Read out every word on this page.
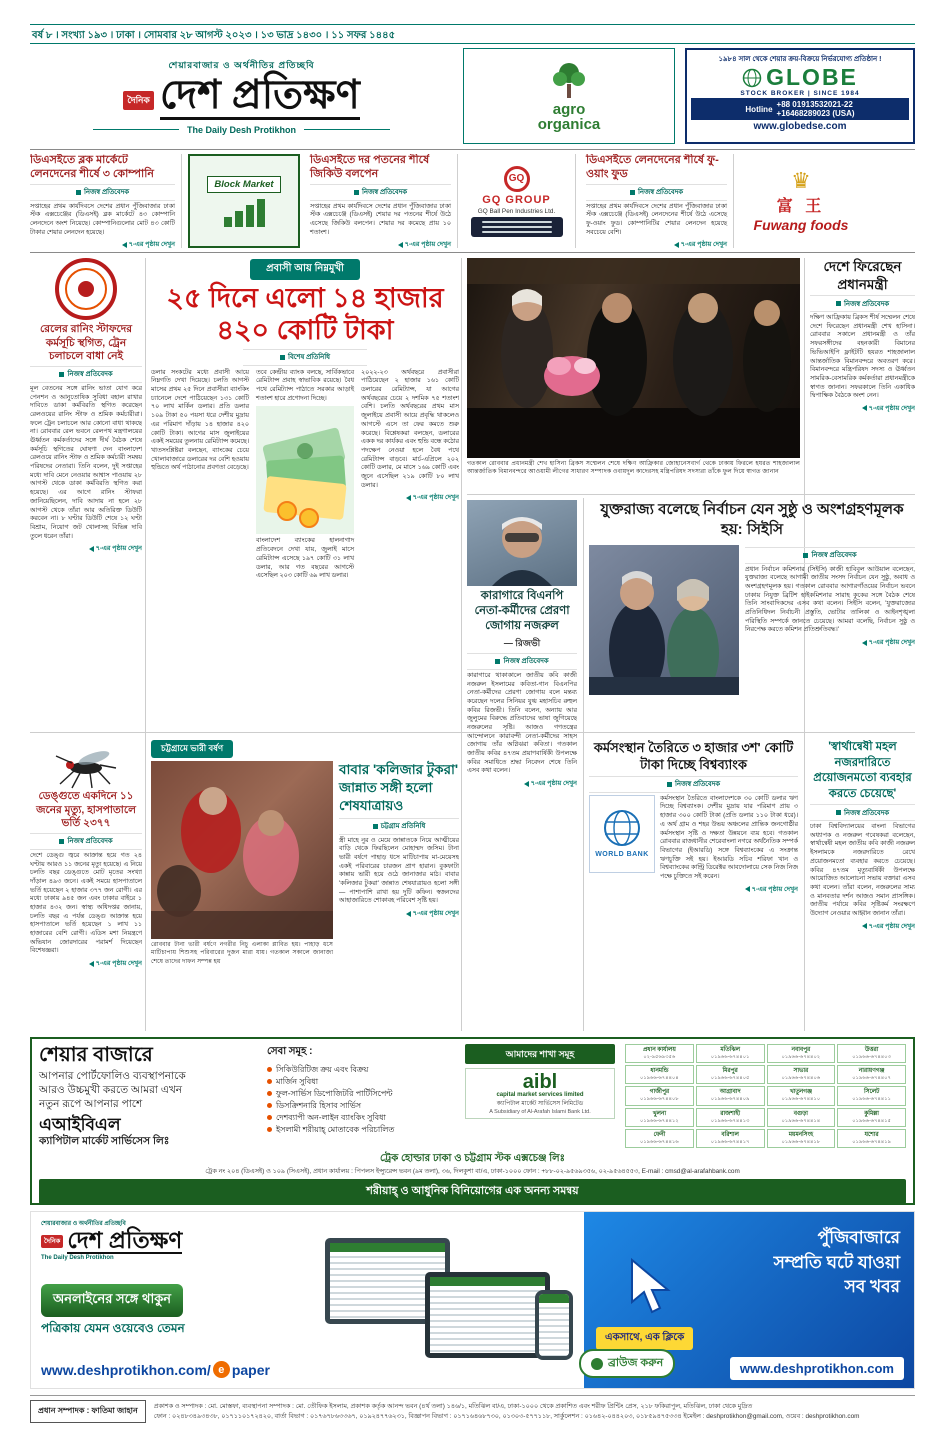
বর্ষ ৮ । সংখ্যা ১৯৩ । ঢাকা । সোমবার ২৮ আগস্ট ২০২৩ । ১৩ ভাদ্র ১৪৩০ । ১১ সফর ১৪৪৫
শেয়ারবাজার ও অর্থনীতির প্রতিচ্ছবি
দৈনিক দেশ প্রতিক্ষণ
The Daily Desh Protikhon
agro
organica
১৯৮৪ সাল থেকে শেয়ার ক্রয়-বিক্রয়ে নির্ভরযোগ্য প্রতিষ্ঠান !
GLOBE
STOCK BROKER | SINCE 1984
Hotline
+88 01913532021-22
+16468289023 (USA)
www.globedse.com
ডিএসইতে ব্লক মার্কেটে লেনদেনের শীর্ষে ৩ কোম্পানি
নিজস্ব প্রতিবেদক
সপ্তাহের প্রথম কার্যদিবসে দেশের প্রধান পুঁজিবাজার ঢাকা স্টক এক্সচেঞ্জের (ডিএসই) ব্লক মার্কেটে ৪৩ কোম্পানি লেনদেনে অংশ নিয়েছে। কোম্পানিগুলোর মোট ৪৩ কোটি টাকার শেয়ার লেনদেন হয়েছে।
৭-এর পৃষ্ঠায় দেখুন
Block Market
ডিএসইতে দর পতনের শীর্ষে জিকিউ বলপেন
নিজস্ব প্রতিবেদক
সপ্তাহের প্রথম কার্যদিবসে দেশের প্রধান পুঁজিবাজার ঢাকা স্টক এক্সচেঞ্জে (ডিএসই) শেয়ার দর পতনের শীর্ষে উঠে এসেছে জিকিউ বলপেন। শেয়ার দর কমেছে প্রায় ১০ শতাংশ।
৭-এর পৃষ্ঠায় দেখুন
GQ
GQ GROUP
GQ Ball Pen Industries Ltd.
ডিএসইতে লেনদেনের শীর্ষে ফু-ওয়াং ফুড
নিজস্ব প্রতিবেদক
সপ্তাহের প্রথম কার্যদিবসে দেশের প্রধান পুঁজিবাজার ঢাকা স্টক এক্সচেঞ্জে (ডিএসই) লেনদেনের শীর্ষে উঠে এসেছে ফু-ওয়াং ফুড। কোম্পানিটির শেয়ার লেনদেন হয়েছে সবচেয়ে বেশি।
৭-এর পৃষ্ঠায় দেখুন
♛
富 王
Fuwang foods
রেলের রানিং স্টাফদের কর্মসূচি স্থগিত, ট্রেন চলাচলে বাধা নেই
নিজস্ব প্রতিবেদক
মূল বেতনের সঙ্গে রানিং ভাতা যোগ করে পেনশন ও আনুতোষিক সুবিধা বহাল রাখার দাবিতে ডাকা কর্মবিরতি স্থগিত করেছেন রেলওয়ের রানিং স্টাফ ও শ্রমিক কর্মচারীরা। ফলে ট্রেন চলাচলে আর কোনো বাধা থাকছে না। রোববার রেল ভবনে রেলপথ মন্ত্রণালয়ের ঊর্ধ্বতন কর্মকর্তাদের সঙ্গে দীর্ঘ বৈঠক শেষে কর্মসূচি স্থগিতের ঘোষণা দেন বাংলাদেশ রেলওয়ে রানিং স্টাফ ও শ্রমিক কর্মচারী সমন্বয় পরিষদের নেতারা। তিনি বলেন, দুই সপ্তাহের মধ্যে দাবি মেনে নেওয়ার আশ্বাস পাওয়ায় ২৮ আগস্ট থেকে ডাকা কর্মবিরতি স্থগিত করা হয়েছে। এর আগে রানিং স্টাফরা জানিয়েছিলেন, দাবি আদায় না হলে ২৮ আগস্ট থেকে তাঁরা আর অতিরিক্ত ডিউটি করবেন না। ৮ ঘণ্টার ডিউটি শেষে ১২ ঘণ্টা বিশ্রাম, নিয়োগ জট খোলাসহ বিভিন্ন দাবি তুলে ধরেন তাঁরা।
৭-এর পৃষ্ঠায় দেখুন
ডেঙ্গুতে একদিনে ১১ জনের মৃত্যু, হাসপাতালে ভর্তি ২৩৭৭
নিজস্ব প্রতিবেদক
দেশে ডেঙ্গু জ্বরে আক্রান্ত হয়ে গত ২৪ ঘণ্টায় আরও ১১ জনের মৃত্যু হয়েছে। এ নিয়ে চলতি বছর ডেঙ্গুতে মোট মৃতের সংখ্যা দাঁড়াল ৪৯৩ জনে। একই সময়ে হাসপাতালে ভর্তি হয়েছেন ২ হাজার ৩৭৭ জন রোগী। এর মধ্যে ঢাকায় ৯৪৫ জন এবং ঢাকার বাইরে ১ হাজার ৪৩২ জন। স্বাস্থ্য অধিদপ্তর জানায়, চলতি বছর এ পর্যন্ত ডেঙ্গু আক্রান্ত হয়ে হাসপাতালে ভর্তি হয়েছেন ১ লাখ ১১ হাজারের বেশি রোগী। এডিস মশা নিয়ন্ত্রণে অভিযান জোরদারের পরামর্শ দিয়েছেন বিশেষজ্ঞরা।
৭-এর পৃষ্ঠায় দেখুন
প্রবাসী আয় নিম্নমুখী
২৫ দিনে এলো ১৪ হাজার ৪২০ কোটি টাকা
বিশেষ প্রতিনিধি
ডলার সংকটের মধ্যে প্রবাসী আয়ে নিম্নগতি দেখা দিয়েছে। চলতি আগস্ট মাসের প্রথম ২৫ দিনে প্রবাসীরা ব্যাংকিং চ্যানেলে দেশে পাঠিয়েছেন ১৩১ কোটি ৭০ লাখ মার্কিন ডলার। প্রতি ডলার ১০৯ টাকা ৫০ পয়সা ধরে দেশীয় মুদ্রায় এর পরিমাণ দাঁড়ায় ১৪ হাজার ৪২০ কোটি টাকা। আগের মাস জুলাইয়ের একই সময়ের তুলনায় রেমিট্যান্স কমেছে। খাতসংশ্লিষ্টরা বলছেন, ব্যাংকের চেয়ে খোলাবাজারে ডলারের দর বেশি হওয়ায় হুন্ডিতে অর্থ পাঠানোর প্রবণতা বেড়েছে।
তবে কেন্দ্রীয় ব্যাংক বলছে, সার্বিকভাবে রেমিট্যান্স প্রবাহ স্বাভাবিক রয়েছে। বৈধ পথে রেমিট্যান্স পাঠাতে সরকার আড়াই শতাংশ হারে প্রণোদনা দিচ্ছে।
বাংলাদেশ ব্যাংকের হালনাগাদ প্রতিবেদনে দেখা যায়, জুলাই মাসে রেমিট্যান্স এসেছে ১৯৭ কোটি ৩১ লাখ ডলার, আর গত বছরের আগস্টে এসেছিল ২০৩ কোটি ৬৯ লাখ ডলার।
২০২২-২৩ অর্থবছরে প্রবাসীরা পাঠিয়েছেন ২ হাজার ১৬১ কোটি ডলারের রেমিট্যান্স, যা আগের অর্থবছরের চেয়ে ২ দশমিক ৭৫ শতাংশ বেশি। চলতি অর্থবছরের প্রথম মাস জুলাইয়ে প্রবাসী আয়ে প্রবৃদ্ধি থাকলেও আগস্টে এসে তা ফের কমতে শুরু করেছে। বিশ্লেষকরা বলছেন, ডলারের একক দর কার্যকর এবং হুন্ডি বন্ধে কঠোর পদক্ষেপ নেওয়া হলে বৈধ পথে রেমিট্যান্স বাড়বে। মার্চ-এপ্রিলে ২০২ কোটি ডলার, মে মাসে ১৬৯ কোটি এবং জুনে এসেছিল ২১৯ কোটি ৮০ লাখ ডলার।
৭-এর পৃষ্ঠায় দেখুন
চট্টগ্রামে ভারী বর্ষণ
রোববার টানা ভারী বর্ষণে নগরীর নিচু এলাকা প্লাবিত হয়। পাহাড় ধসে মাটিচাপায় শিশুসহ পরিবারের দুজন মারা যায়। গতকাল সকালে জানাজা শেষে তাদের দাফন সম্পন্ন হয়
বাবার 'কলিজার টুকরা' জান্নাত সঙ্গী হলো শেষযাত্রায়ও
চট্টগ্রাম প্রতিনিধি
স্ত্রী মাহে নুর ও মেয়ে জান্নাতকে নিয়ে আত্মীয়ের বাড়ি থেকে ফিরছিলেন মোহাম্মদ জসিম। টানা ভারী বর্ষণে পাহাড় ধসে মাটিচাপায় মা-মেয়েসহ একই পরিবারের চারজন প্রাণ হারান। বুকফাটা কান্নায় ভারী হয়ে ওঠে জানাজার মাঠ। বাবার 'কলিজার টুকরা' জান্নাত শেষযাত্রায়ও হলো সঙ্গী— পাশাপাশি রাখা হয় দুটি কফিন। স্বজনদের আহাজারিতে শোকাবহ পরিবেশ সৃষ্টি হয়।
৭-এর পৃষ্ঠায় দেখুন
গতকাল রোববার প্রধানমন্ত্রী শেখ হাসিনা ব্রিকস সম্মেলন শেষে দক্ষিণ আফ্রিকার জোহানেসবার্গ থেকে ঢাকায় ফিরলে হযরত শাহজালাল আন্তর্জাতিক বিমানবন্দরে আওয়ামী লীগের সাধারণ সম্পাদক ওবায়দুল কাদেরসহ মন্ত্রিপরিষদ সদস্যরা তাঁকে ফুল দিয়ে স্বাগত জানান
দেশে ফিরেছেন প্রধানমন্ত্রী
নিজস্ব প্রতিবেদক
দক্ষিণ আফ্রিকায় ব্রিকস শীর্ষ সম্মেলন শেষে দেশে ফিরেছেন প্রধানমন্ত্রী শেখ হাসিনা। রোববার সকালে প্রধানমন্ত্রী ও তাঁর সফরসঙ্গীদের বহনকারী বিমানের ভিভিআইপি ফ্লাইটটি হযরত শাহজালাল আন্তর্জাতিক বিমানবন্দরে অবতরণ করে। বিমানবন্দরে মন্ত্রিপরিষদ সদস্য ও ঊর্ধ্বতন সামরিক-বেসামরিক কর্মকর্তারা প্রধানমন্ত্রীকে স্বাগত জানান। সফরকালে তিনি একাধিক দ্বিপাক্ষিক বৈঠকে অংশ নেন।
৭-এর পৃষ্ঠায় দেখুন
কারাগারে বিএনপি নেতা-কর্মীদের প্রেরণা জোগায় নজরুল
— রিজভী
নিজস্ব প্রতিবেদক
কারাগারে থাকাকালে জাতীয় কবি কাজী নজরুল ইসলামের কবিতা-গান বিএনপির নেতা-কর্মীদের প্রেরণা জোগায় বলে মন্তব্য করেছেন দলের সিনিয়র যুগ্ম মহাসচিব রুহুল কবির রিজভী। তিনি বলেন, অন্যায় আর জুলুমের বিরুদ্ধে প্রতিবাদের ভাষা জুগিয়েছে নজরুলের সৃষ্টি। আজও গণতন্ত্রের আন্দোলনে কারাবন্দী নেতা-কর্মীদের সাহস জোগায় তাঁর অগ্নিঝরা কবিতা। গতকাল জাতীয় কবির ৪৭তম প্রয়াণবার্ষিকী উপলক্ষে কবির সমাধিতে শ্রদ্ধা নিবেদন শেষে তিনি এসব কথা বলেন।
৭-এর পৃষ্ঠায় দেখুন
যুক্তরাজ্য বলেছে নির্বাচন যেন সুষ্ঠু ও অংশগ্রহণমূলক হয়: সিইসি
নিজস্ব প্রতিবেদক
প্রধান নির্বাচন কমিশনার (সিইসি) কাজী হাবিবুল আউয়াল বলেছেন, যুক্তরাজ্য বলেছে আগামী জাতীয় সংসদ নির্বাচন যেন সুষ্ঠু, অবাধ ও অংশগ্রহণমূলক হয়। গতকাল রোববার আগারগাঁওয়ের নির্বাচন ভবনে ঢাকায় নিযুক্ত ব্রিটিশ হাইকমিশনার সারাহ কুকের সঙ্গে বৈঠক শেষে তিনি সাংবাদিকদের এসব কথা বলেন। সিইসি বলেন, 'যুক্তরাজ্যের প্রতিনিধিদল নির্বাচনী প্রস্তুতি, ভোটার তালিকা ও আইনশৃঙ্খলা পরিস্থিতি সম্পর্কে জানতে চেয়েছে। আমরা বলেছি, নির্বাচন সুষ্ঠু ও নিরপেক্ষ করতে কমিশন প্রতিশ্রুতিবদ্ধ।'
৭-এর পৃষ্ঠায় দেখুন
কর্মসংস্থান তৈরিতে ৩ হাজার ৩শ' কোটি টাকা দিচ্ছে বিশ্বব্যাংক
নিজস্ব প্রতিবেদক
WORLD BANK
কর্মসংস্থান তৈরিতে বাংলাদেশকে ৩০ কোটি ডলার ঋণ দিচ্ছে বিশ্বব্যাংক। দেশীয় মুদ্রায় যার পরিমাণ প্রায় ৩ হাজার ৩০০ কোটি টাকা (প্রতি ডলার ১১০ টাকা ধরে)। এ অর্থ গ্রাম ও শহর উভয় অঞ্চলের প্রান্তিক জনগোষ্ঠীর কর্মসংস্থান সৃষ্টি ও দক্ষতা উন্নয়নে ব্যয় হবে। গতকাল রোববার রাজধানীর শেরেবাংলা নগরে অর্থনৈতিক সম্পর্ক বিভাগের (ইআরডি) সঙ্গে বিশ্বব্যাংকের এ সংক্রান্ত ঋণচুক্তি সই হয়। ইআরডি সচিব শরিফা খান ও বিশ্বব্যাংকের কান্ট্রি ডিরেক্টর আবদোলায়ে সেক নিজ নিজ পক্ষে চুক্তিতে সই করেন।
৭-এর পৃষ্ঠায় দেখুন
'স্বার্থান্বেষী মহল নজরদারিতে প্রয়োজনমতো ব্যবহার করতে চেয়েছে'
নিজস্ব প্রতিবেদক
ঢাকা বিশ্ববিদ্যালয়ের বাংলা বিভাগের অধ্যাপক ও নজরুল গবেষকরা বলেছেন, স্বার্থান্বেষী মহল জাতীয় কবি কাজী নজরুল ইসলামকে নজরদারিতে রেখে প্রয়োজনমতো ব্যবহার করতে চেয়েছে। কবির ৪৭তম মৃত্যুবার্ষিকী উপলক্ষে আয়োজিত আলোচনা সভায় বক্তারা এসব কথা বলেন। তাঁরা বলেন, নজরুলের সাম্য ও মানবতার দর্শন আজও সমান প্রাসঙ্গিক। জাতীয় পর্যায়ে কবির সৃষ্টিকর্ম সংরক্ষণে উদ্যোগ নেওয়ার আহ্বান জানান তাঁরা।
৭-এর পৃষ্ঠায় দেখুন
শেয়ার বাজারে
আপনার পোর্টফোলিও ব্যবস্থাপনাকে
আরও উচ্চমুখী করতে আমরা এখন
নতুন রূপে আপনার পাশে
এআইবিএল
ক্যাপিটাল মার্কেট সার্ভিসেস লিঃ
সেবা সমূহ :
সিকিউরিটিজ ক্রয় এবং বিক্রয়
মার্জিন সুবিধা
ফুল-সার্ভিস ডিপোজিটরি পার্টিসিপেন্ট
ডিসক্রিশনারি হিসাব সার্ভিস
দেশব্যাপী অন-লাইন ব্যাংকিং সুবিধা
ইসলামী শরীয়াহ্ মোতাবেক পরিচালিত
আমাদের শাখা সমূহ
aibl
capital market services limited
ক্যাপিটাল মার্কেট সার্ভিসেস লিমিটেড
A Subsidiary of Al-Arafah Islami Bank Ltd.
প্রধান কার্যালয়
০২-৯৫৬৯৩৫৬
মতিঝিল
০১৯৬৬-৬৭৪৪০১
নবাবপুর
০১৯৬৬-৬৭৪৪০২
উত্তরা
০১৯৬৬-৬৭৪৪০৩
ধানমন্ডি
০১৯৬৬-৬৭৪৪০৪
মিরপুর
০১৯৬৬-৬৭৪৪০৫
সাভার
০১৯৬৬-৬৭৪৪০৬
নারায়ণগঞ্জ
০১৯৬৬-৬৭৪৪০৭
গাজীপুর
০১৯৬৬-৬৭৪৪০৮
আগ্রাবাদ
০১৯৬৬-৬৭৪৪০৯
খাতুনগঞ্জ
০১৯৬৬-৬৭৪৪১০
সিলেট
০১৯৬৬-৬৭৪৪১১
খুলনা
০১৯৬৬-৬৭৪৪১২
রাজশাহী
০১৯৬৬-৬৭৪৪১৩
বগুড়া
০১৯৬৬-৬৭৪৪১৪
কুমিল্লা
০১৯৬৬-৬৭৪৪১৫
ফেনী
০১৯৬৬-৬৭৪৪১৬
বরিশাল
০১৯৬৬-৬৭৪৪১৭
ময়মনসিংহ
০১৯৬৬-৬৭৪৪১৮
যশোর
০১৯৬৬-৬৭৪৪১৯
ট্রেক হোল্ডার ঢাকা ও চট্টগ্রাম স্টক এক্সচেঞ্জ লিঃ
ট্রেক নং ২০৪ (ডিএসই) ও ১০৯ (সিএসই), প্রধান কার্যালয় : পিপলস ইন্স্যুরেন্স ভবন (৯ম তলা), ৩৬, দিলকুশা বা/এ, ঢাকা-১০০০ ফোন : +৮৮-০২-৯৫৬৯৩৫৬, ০২-৯৫৬৪৫৫৩, E-mail : cmsd@al-arafahbank.com
শরীয়াহ্ ও আধুনিক বিনিয়োগের এক অনন্য সমন্বয়
শেয়ারবাজার ও অর্থনীতির প্রতিচ্ছবি
দৈনিক দেশ প্রতিক্ষণ
The Daily Desh Protikhon
অনলাইনের সঙ্গে থাকুন
পত্রিকায় যেমন ওয়েবেও তেমন
www.deshprotikhon.com/ e paper	ব্রাউজ করুন
পুঁজিবাজারে
সম্প্রতি ঘটে যাওয়া
সব খবর
একসাথে, এক ক্লিকে
www.deshprotikhon.com
প্রধান সম্পাদক : ফাতিমা জাহান	প্রকাশক ও সম্পাদক : মো. মোস্তফা, ব্যবস্থাপনা সম্পাদক : মো. তৌফিক ইসলাম, প্রকাশক কর্তৃক আনন্দ ভবন (৪র্থ তলা) ১৪৬/১, মতিঝিল বা/এ, ঢাকা-১০০০ থেকে প্রকাশিত এবং শরীফ প্রিন্টিং প্রেস, ২১৮ ফকিরাপুল, মতিঝিল, ঢাকা থেকে মুদ্রিত
ফোন : ০২৪৮৩৪৯৩৪৩৮, ০১৭১১০১৭২৪২০, বার্তা বিভাগ : ০১৭৬৭৮৬৩৩৬৭, ০১৯২৪৭৭৬২৩১, বিজ্ঞাপন বিভাগ : ০১৭১৬৪৬৮৭৩০, ০১৩০৩-৫৭৭১১৮, সার্কুলেশন : ০১৬৪২-০৪৪২০৩, ০১৮৫৯৪৭৫৩৩৪ ইমেইল : deshprotikhon@gmail.com, ওয়েব : deshprotikhon.com
